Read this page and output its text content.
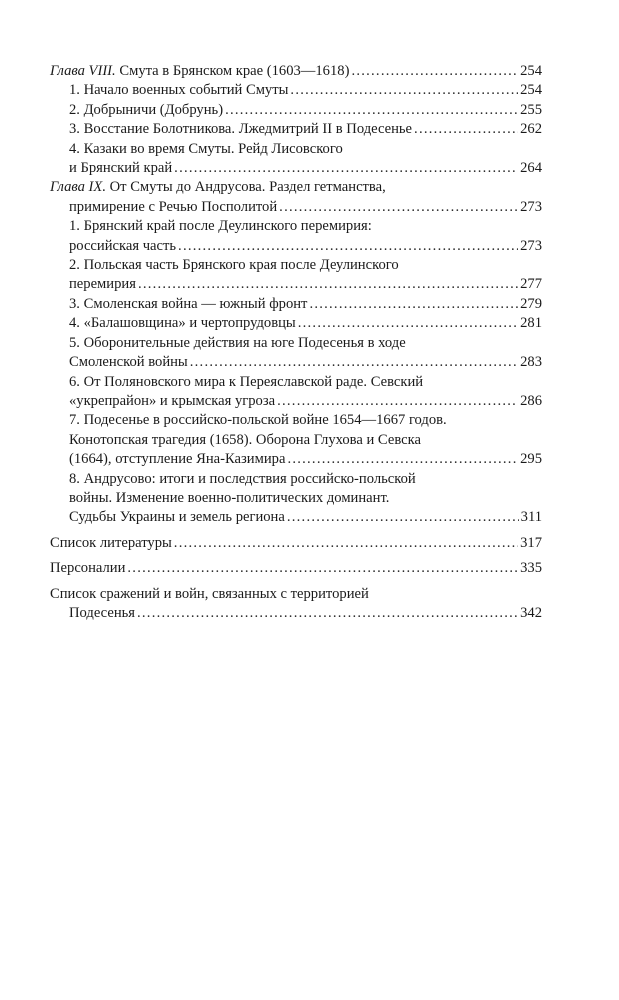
Глава VIII. Смута в Брянском крае (1603—1618) . . .	254
1. Начало военных событий Смуты . . .	254
2. Добрыничи (Добрунь) . . .	255
3. Восстание Болотникова. Лжедмитрий II в Подесенье . . .	262
4. Казаки во время Смуты. Рейд Лисовского
и Брянский край . . .	264
Глава IX. От Смуты до Андрусова. Раздел гетманства,
примирение с Речью Посполитой . . .	273
1. Брянский край после Деулинского перемирия:
российская часть . . .	273
2. Польская часть Брянского края после Деулинского
перемирия . . .	277
3. Смоленская война — южный фронт . . .	279
4. «Балашовщина» и чертопрудовцы . . .	281
5. Оборонительные действия на юге Подесенья в ходе
Смоленской войны . . .	283
6. От Поляновского мира к Переяславской раде. Севский
«укрепрайон» и крымская угроза . . .	286
7. Подесенье в российско-польской войне 1654—1667 годов.
Конотопская трагедия (1658). Оборона Глухова и Севска
(1664), отступление Яна-Казимира . . .	295
8. Андрусово: итоги и последствия российско-польской
войны. Изменение военно-политических доминант.
Судьбы Украины и земель региона . . .	311
Список литературы . . .	317
Персоналии . . .	335
Список сражений и войн, связанных с территорией
Подесенья . . .	342
